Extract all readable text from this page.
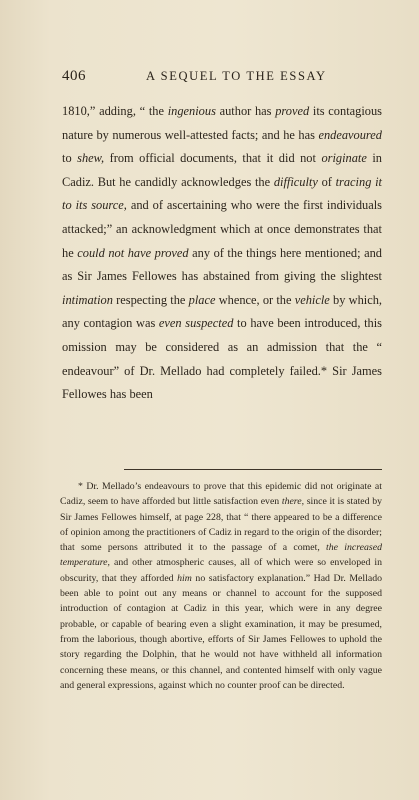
406	A SEQUEL TO THE ESSAY

1810,” adding, “ the ingenious author has proved its contagious nature by numerous well-attested facts; and he has endeavoured to shew, from official documents, that it did not originate in Cadiz. But he candidly acknowledges the difficulty of tracing it to its source, and of ascertaining who were the first individuals attacked;” an acknowledgment which at once demonstrates that he could not have proved any of the things here mentioned; and as Sir James Fellowes has abstained from giving the slightest intimation respecting the place whence, or the vehicle by which, any contagion was even suspected to have been introduced, this omission may be considered as an admission that the “ endeavour” of Dr. Mellado had completely failed.* Sir James Fellowes has been

* Dr. Mellado’s endeavours to prove that this epidemic did not originate at Cadiz, seem to have afforded but little satisfaction even there, since it is stated by Sir James Fellowes himself, at page 228, that “ there appeared to be a difference of opinion among the practitioners of Cadiz in regard to the origin of the disorder; that some persons attributed it to the passage of a comet, the increased temperature, and other atmospheric causes, all of which were so enveloped in obscurity, that they afforded him no satisfactory explanation.” Had Dr. Mellado been able to point out any means or channel to account for the supposed introduction of contagion at Cadiz in this year, which were in any degree probable, or capable of bearing even a slight examination, it may be presumed, from the laborious, though abortive, efforts of Sir James Fellowes to uphold the story regarding the Dolphin, that he would not have withheld all information concerning these means, or this channel, and contented himself with only vague and general expressions, against which no counter proof can be directed.
